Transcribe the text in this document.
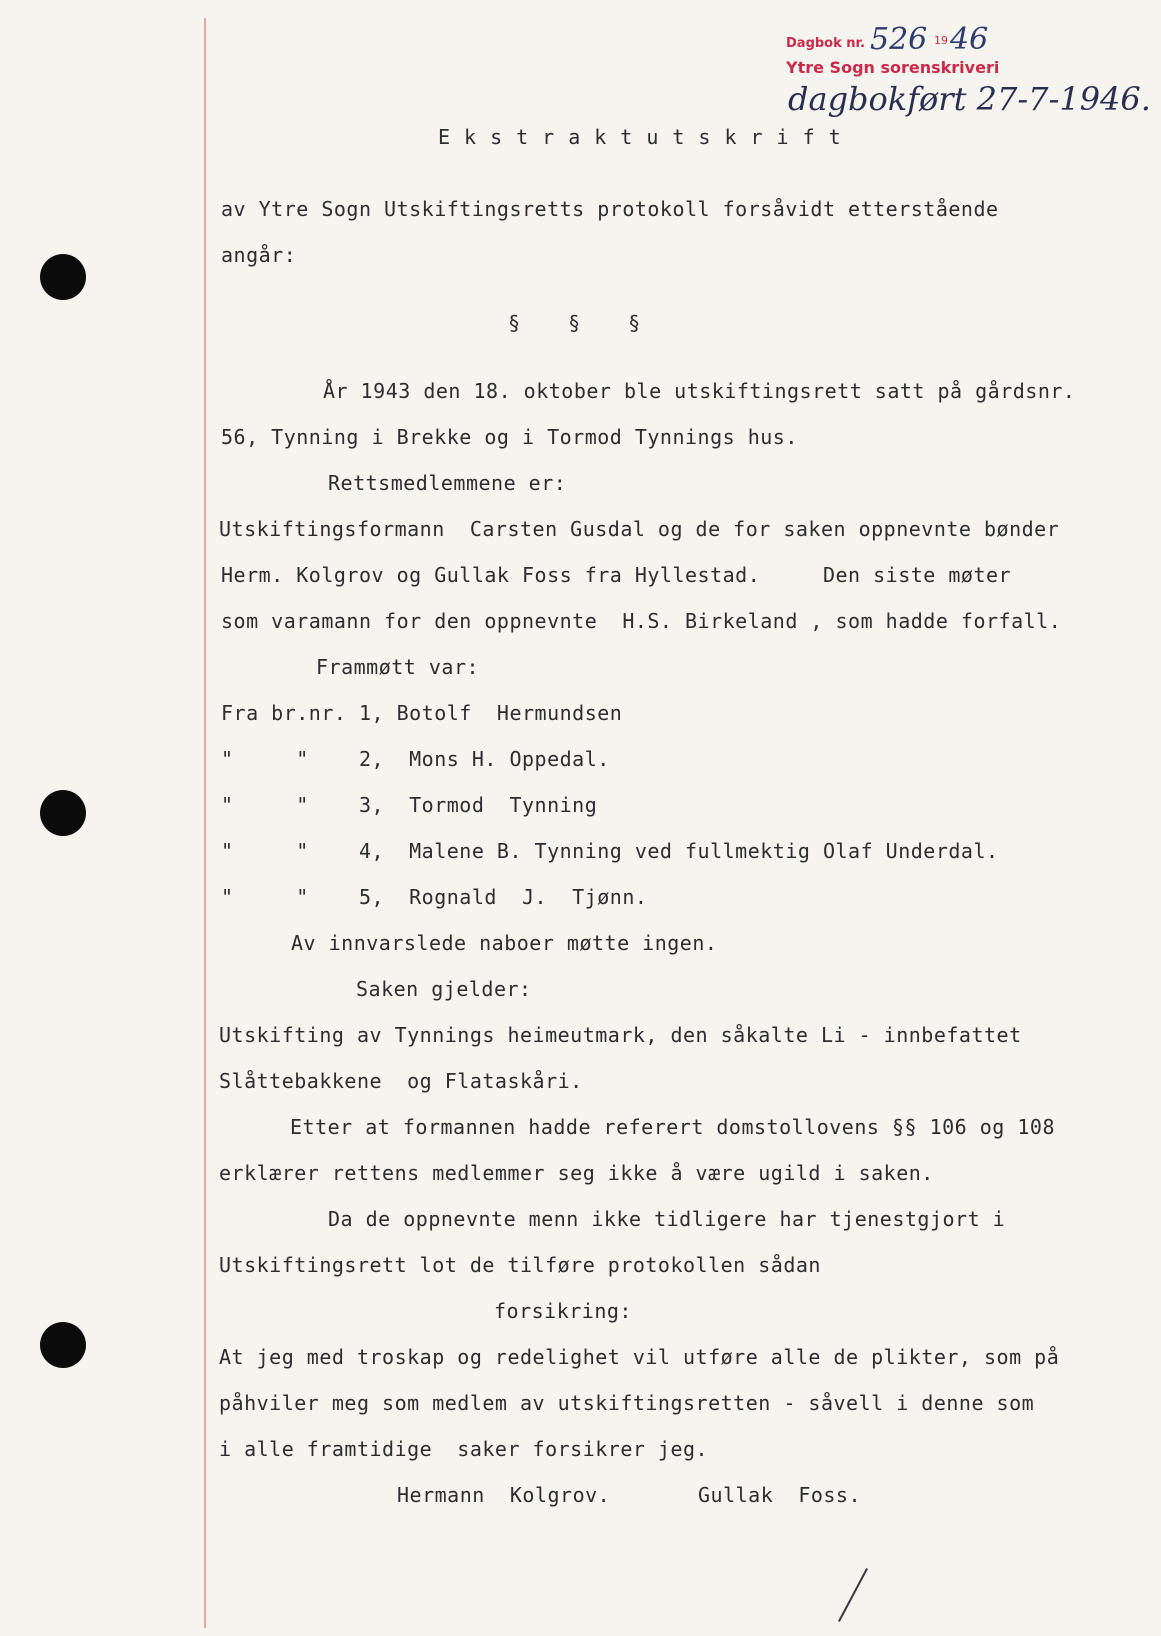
Dagbok nr. 526 19 46
Ytre Sogn sorenskriveri
dagbokført 27-7-1946.
Ekstraktutskrift
av Ytre Sogn Utskiftingsretts protokoll forsåvidt etterstående
angår:
§ § §
År 1943 den 18. oktober ble utskiftingsrett satt på gårdsnr.
56, Tynning i Brekke og i Tormod Tynnings hus.
Rettsmedlemmene er:
Utskiftingsformann  Carsten Gusdal og de for saken oppnevnte bønder
Herm. Kolgrov og Gullak Foss fra Hyllestad.     Den siste møter
som varamann for den oppnevnte  H.S. Birkeland , som hadde forfall.
Frammøtt var:
Fra br.nr. 1, Botolf  Hermundsen
"     "    2,  Mons H. Oppedal.
"     "    3,  Tormod  Tynning
"     "    4,  Malene B. Tynning ved fullmektig Olaf Underdal.
"     "    5,  Rognald  J.  Tjønn.
Av innvarslede naboer møtte ingen.
Saken gjelder:
Utskifting av Tynnings heimeutmark, den såkalte Li - innbefattet
Slåttebakkene  og Flataskåri.
Etter at formannen hadde referert domstollovens §§ 106 og 108
erklærer rettens medlemmer seg ikke å være ugild i saken.
Da de oppnevnte menn ikke tidligere har tjenestgjort i
Utskiftingsrett lot de tilføre protokollen sådan
forsikring:
At jeg med troskap og redelighet vil utføre alle de plikter, som på
påhviler meg som medlem av utskiftingsretten - såvell i denne som
i alle framtidige  saker forsikrer jeg.
Hermann  Kolgrov.       Gullak  Foss.
